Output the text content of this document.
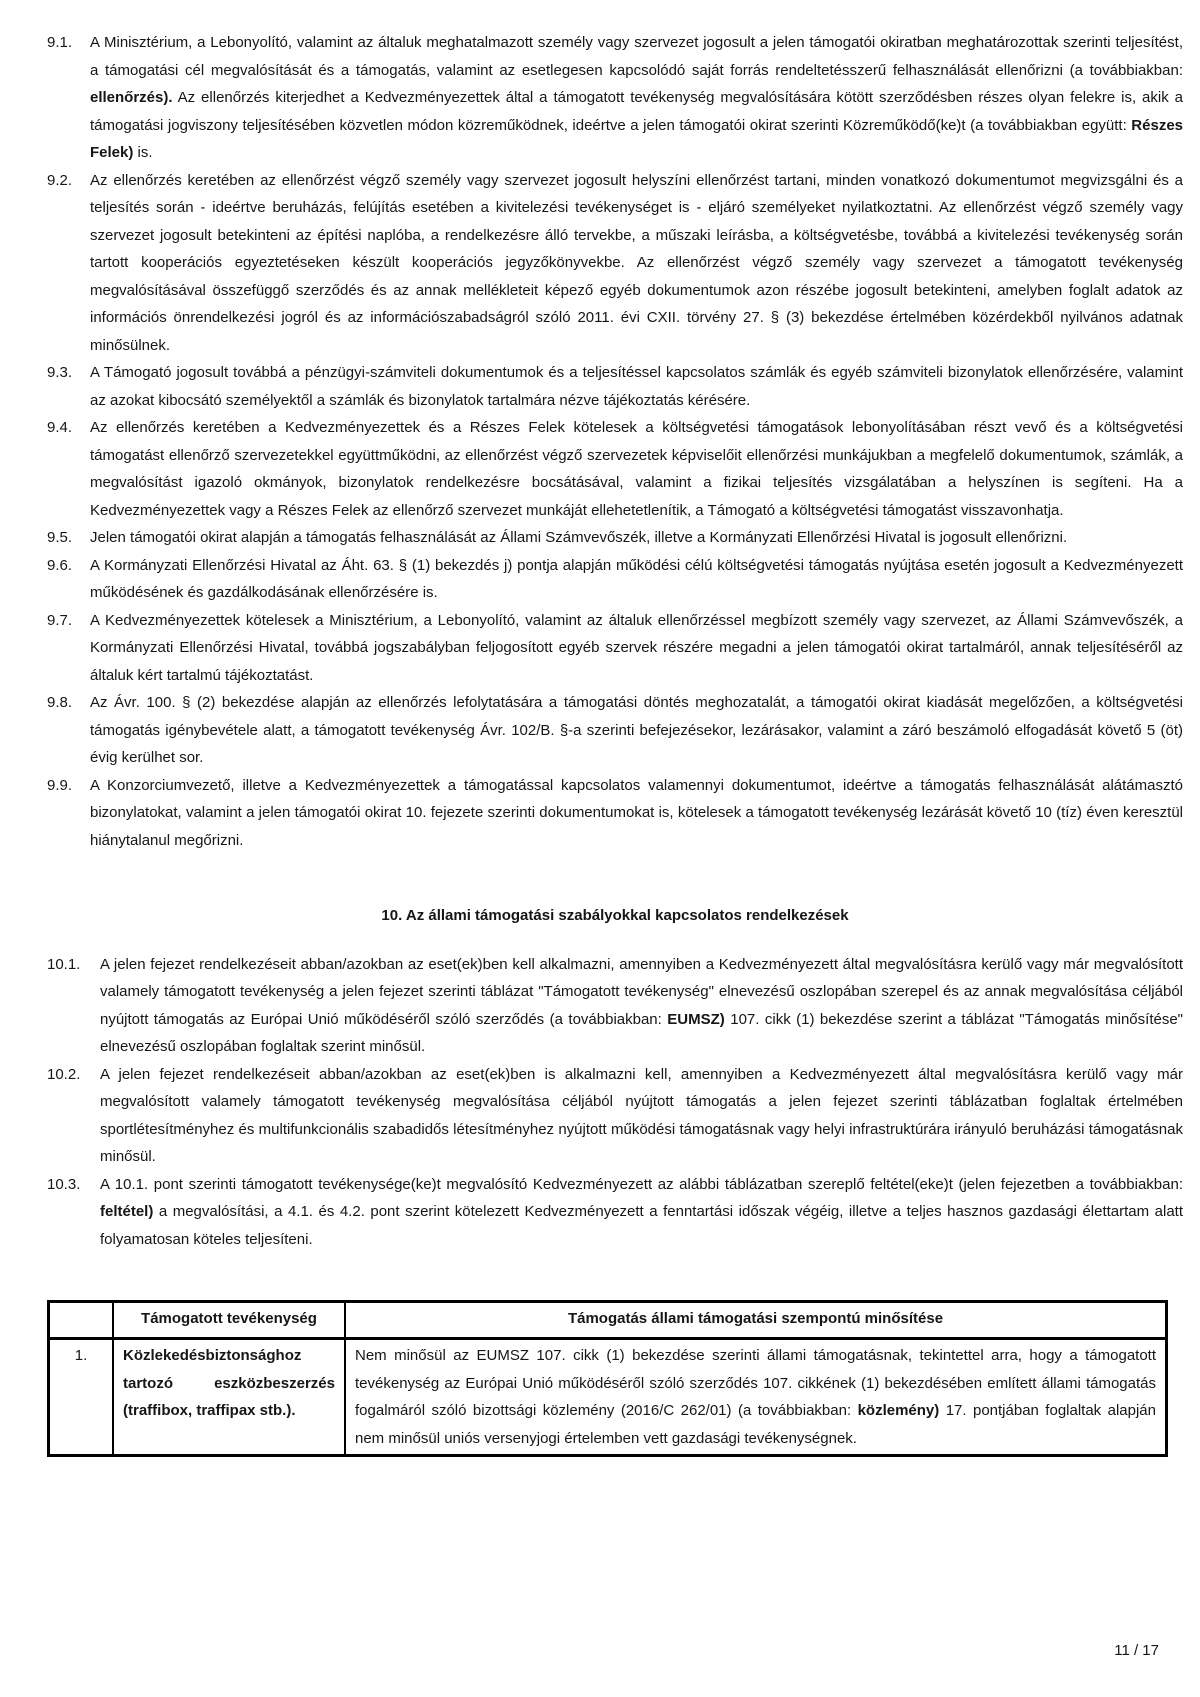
9.1.	A Minisztérium, a Lebonyolító, valamint az általuk meghatalmazott személy vagy szervezet jogosult a jelen támogatói okiratban meghatározottak szerinti teljesítést, a támogatási cél megvalósítását és a támogatás, valamint az esetlegesen kapcsolódó saját forrás rendeltetésszerű felhasználását ellenőrizni (a továbbiakban: ellenőrzés). Az ellenőrzés kiterjedhet a Kedvezményezettek által a támogatott tevékenység megvalósítására kötött szerződésben részes olyan felekre is, akik a támogatási jogviszony teljesítésében közvetlen módon közreműködnek, ideértve a jelen támogatói okirat szerinti Közreműködő(ke)t (a továbbiakban együtt: Részes Felek) is.

9.2.	Az ellenőrzés keretében az ellenőrzést végző személy vagy szervezet jogosult helyszíni ellenőrzést tartani, minden vonatkozó dokumentumot megvizsgálni és a teljesítés során - ideértve beruházás, felújítás esetében a kivitelezési tevékenységet is - eljáró személyeket nyilatkoztatni. Az ellenőrzést végző személy vagy szervezet jogosult betekinteni az építési naplóba, a rendelkezésre álló tervekbe, a műszaki leírásba, a költségvetésbe, továbbá a kivitelezési tevékenység során tartott kooperációs egyeztetéseken készült kooperációs jegyzőkönyvekbe. Az ellenőrzést végző személy vagy szervezet a támogatott tevékenység megvalósításával összefüggő szerződés és az annak mellékleteit képező egyéb dokumentumok azon részébe jogosult betekinteni, amelyben foglalt adatok az információs önrendelkezési jogról és az információszabadságról szóló 2011. évi CXII. törvény 27. § (3) bekezdése értelmében közérdekből nyilvános adatnak minősülnek.

9.3.	A Támogató jogosult továbbá a pénzügyi-számviteli dokumentumok és a teljesítéssel kapcsolatos számlák és egyéb számviteli bizonylatok ellenőrzésére, valamint az azokat kibocsátó személyektől a számlák és bizonylatok tartalmára nézve tájékoztatás kérésére.

9.4.	Az ellenőrzés keretében a Kedvezményezettek és a Részes Felek kötelesek a költségvetési támogatások lebonyolításában részt vevő és a költségvetési támogatást ellenőrző szervezetekkel együttműködni, az ellenőrzést végző szervezetek képviselőit ellenőrzési munkájukban a megfelelő dokumentumok, számlák, a megvalósítást igazoló okmányok, bizonylatok rendelkezésre bocsátásával, valamint a fizikai teljesítés vizsgálatában a helyszínen is segíteni. Ha a Kedvezményezettek vagy a Részes Felek az ellenőrző szervezet munkáját ellehetetlenítik, a Támogató a költségvetési támogatást visszavonhatja.

9.5.	Jelen támogatói okirat alapján a támogatás felhasználását az Állami Számvevőszék, illetve a Kormányzati Ellenőrzési Hivatal is jogosult ellenőrizni.

9.6.	A Kormányzati Ellenőrzési Hivatal az Áht. 63. § (1) bekezdés j) pontja alapján működési célú költségvetési támogatás nyújtása esetén jogosult a Kedvezményezett működésének és gazdálkodásának ellenőrzésére is.

9.7.	A Kedvezményezettek kötelesek a Minisztérium, a Lebonyolító, valamint az általuk ellenőrzéssel megbízott személy vagy szervezet, az Állami Számvevőszék, a Kormányzati Ellenőrzési Hivatal, továbbá jogszabályban feljogosított egyéb szervek részére megadni a jelen támogatói okirat tartalmáról, annak teljesítéséről az általuk kért tartalmú tájékoztatást.

9.8.	Az Ávr. 100. § (2) bekezdése alapján az ellenőrzés lefolytatására a támogatási döntés meghozatalát, a támogatói okirat kiadását megelőzően, a költségvetési támogatás igénybevétele alatt, a támogatott tevékenység Ávr. 102/B. §-a szerinti befejezésekor, lezárásakor, valamint a záró beszámoló elfogadását követő 5 (öt) évig kerülhet sor.

9.9.	A Konzorciumvezető, illetve a Kedvezményezettek a támogatással kapcsolatos valamennyi dokumentumot, ideértve a támogatás felhasználását alátámasztó bizonylatokat, valamint a jelen támogatói okirat 10. fejezete szerinti dokumentumokat is, kötelesek a támogatott tevékenység lezárását követő 10 (tíz) éven keresztül hiánytalanul megőrizni.

10. Az állami támogatási szabályokkal kapcsolatos rendelkezések
10.1.	A jelen fejezet rendelkezéseit abban/azokban az eset(ek)ben kell alkalmazni, amennyiben a Kedvezményezett által megvalósításra kerülő vagy már megvalósított valamely támogatott tevékenység a jelen fejezet szerinti táblázat "Támogatott tevékenység" elnevezésű oszlopában szerepel és az annak megvalósítása céljából nyújtott támogatás az Európai Unió működéséről szóló szerződés (a továbbiakban: EUMSZ) 107. cikk (1) bekezdése szerint a táblázat "Támogatás minősítése" elnevezésű oszlopában foglaltak szerint minősül.

10.2.	A jelen fejezet rendelkezéseit abban/azokban az eset(ek)ben is alkalmazni kell, amennyiben a Kedvezményezett által megvalósításra kerülő vagy már megvalósított valamely támogatott tevékenység megvalósítása céljából nyújtott támogatás a jelen fejezet szerinti táblázatban foglaltak értelmében sportlétesítményhez és multifunkcionális szabadidős létesítményhez nyújtott működési támogatásnak vagy helyi infrastruktúrára irányuló beruházási támogatásnak minősül.

10.3.	A 10.1. pont szerinti támogatott tevékenysége(ke)t megvalósító Kedvezményezett az alábbi táblázatban szereplő feltétel(eke)t (jelen fejezetben a továbbiakban: feltétel) a megvalósítási, a 4.1. és 4.2. pont szerint kötelezett Kedvezményezett a fenntartási időszak végéig, illetve a teljes hasznos gazdasági élettartam alatt folyamatosan köteles teljesíteni.

	Támogatott tevékenység	Támogatás állami támogatási szempontú minősítése
1.	Közlekedésbiztonsághoz tartozó eszközbeszerzés (traffibox, traffipax stb.).	Nem minősül az EUMSZ 107. cikk (1) bekezdése szerinti állami támogatásnak, tekintettel arra, hogy a támogatott tevékenység az Európai Unió működéséről szóló szerződés 107. cikkének (1) bekezdésében említett állami támogatás fogalmáról szóló bizottsági közlemény (2016/C 262/01) (a továbbiakban: közlemény) 17. pontjában foglaltak alapján nem minősül uniós versenyjogi értelemben vett gazdasági tevékenységnek.
11 / 17
